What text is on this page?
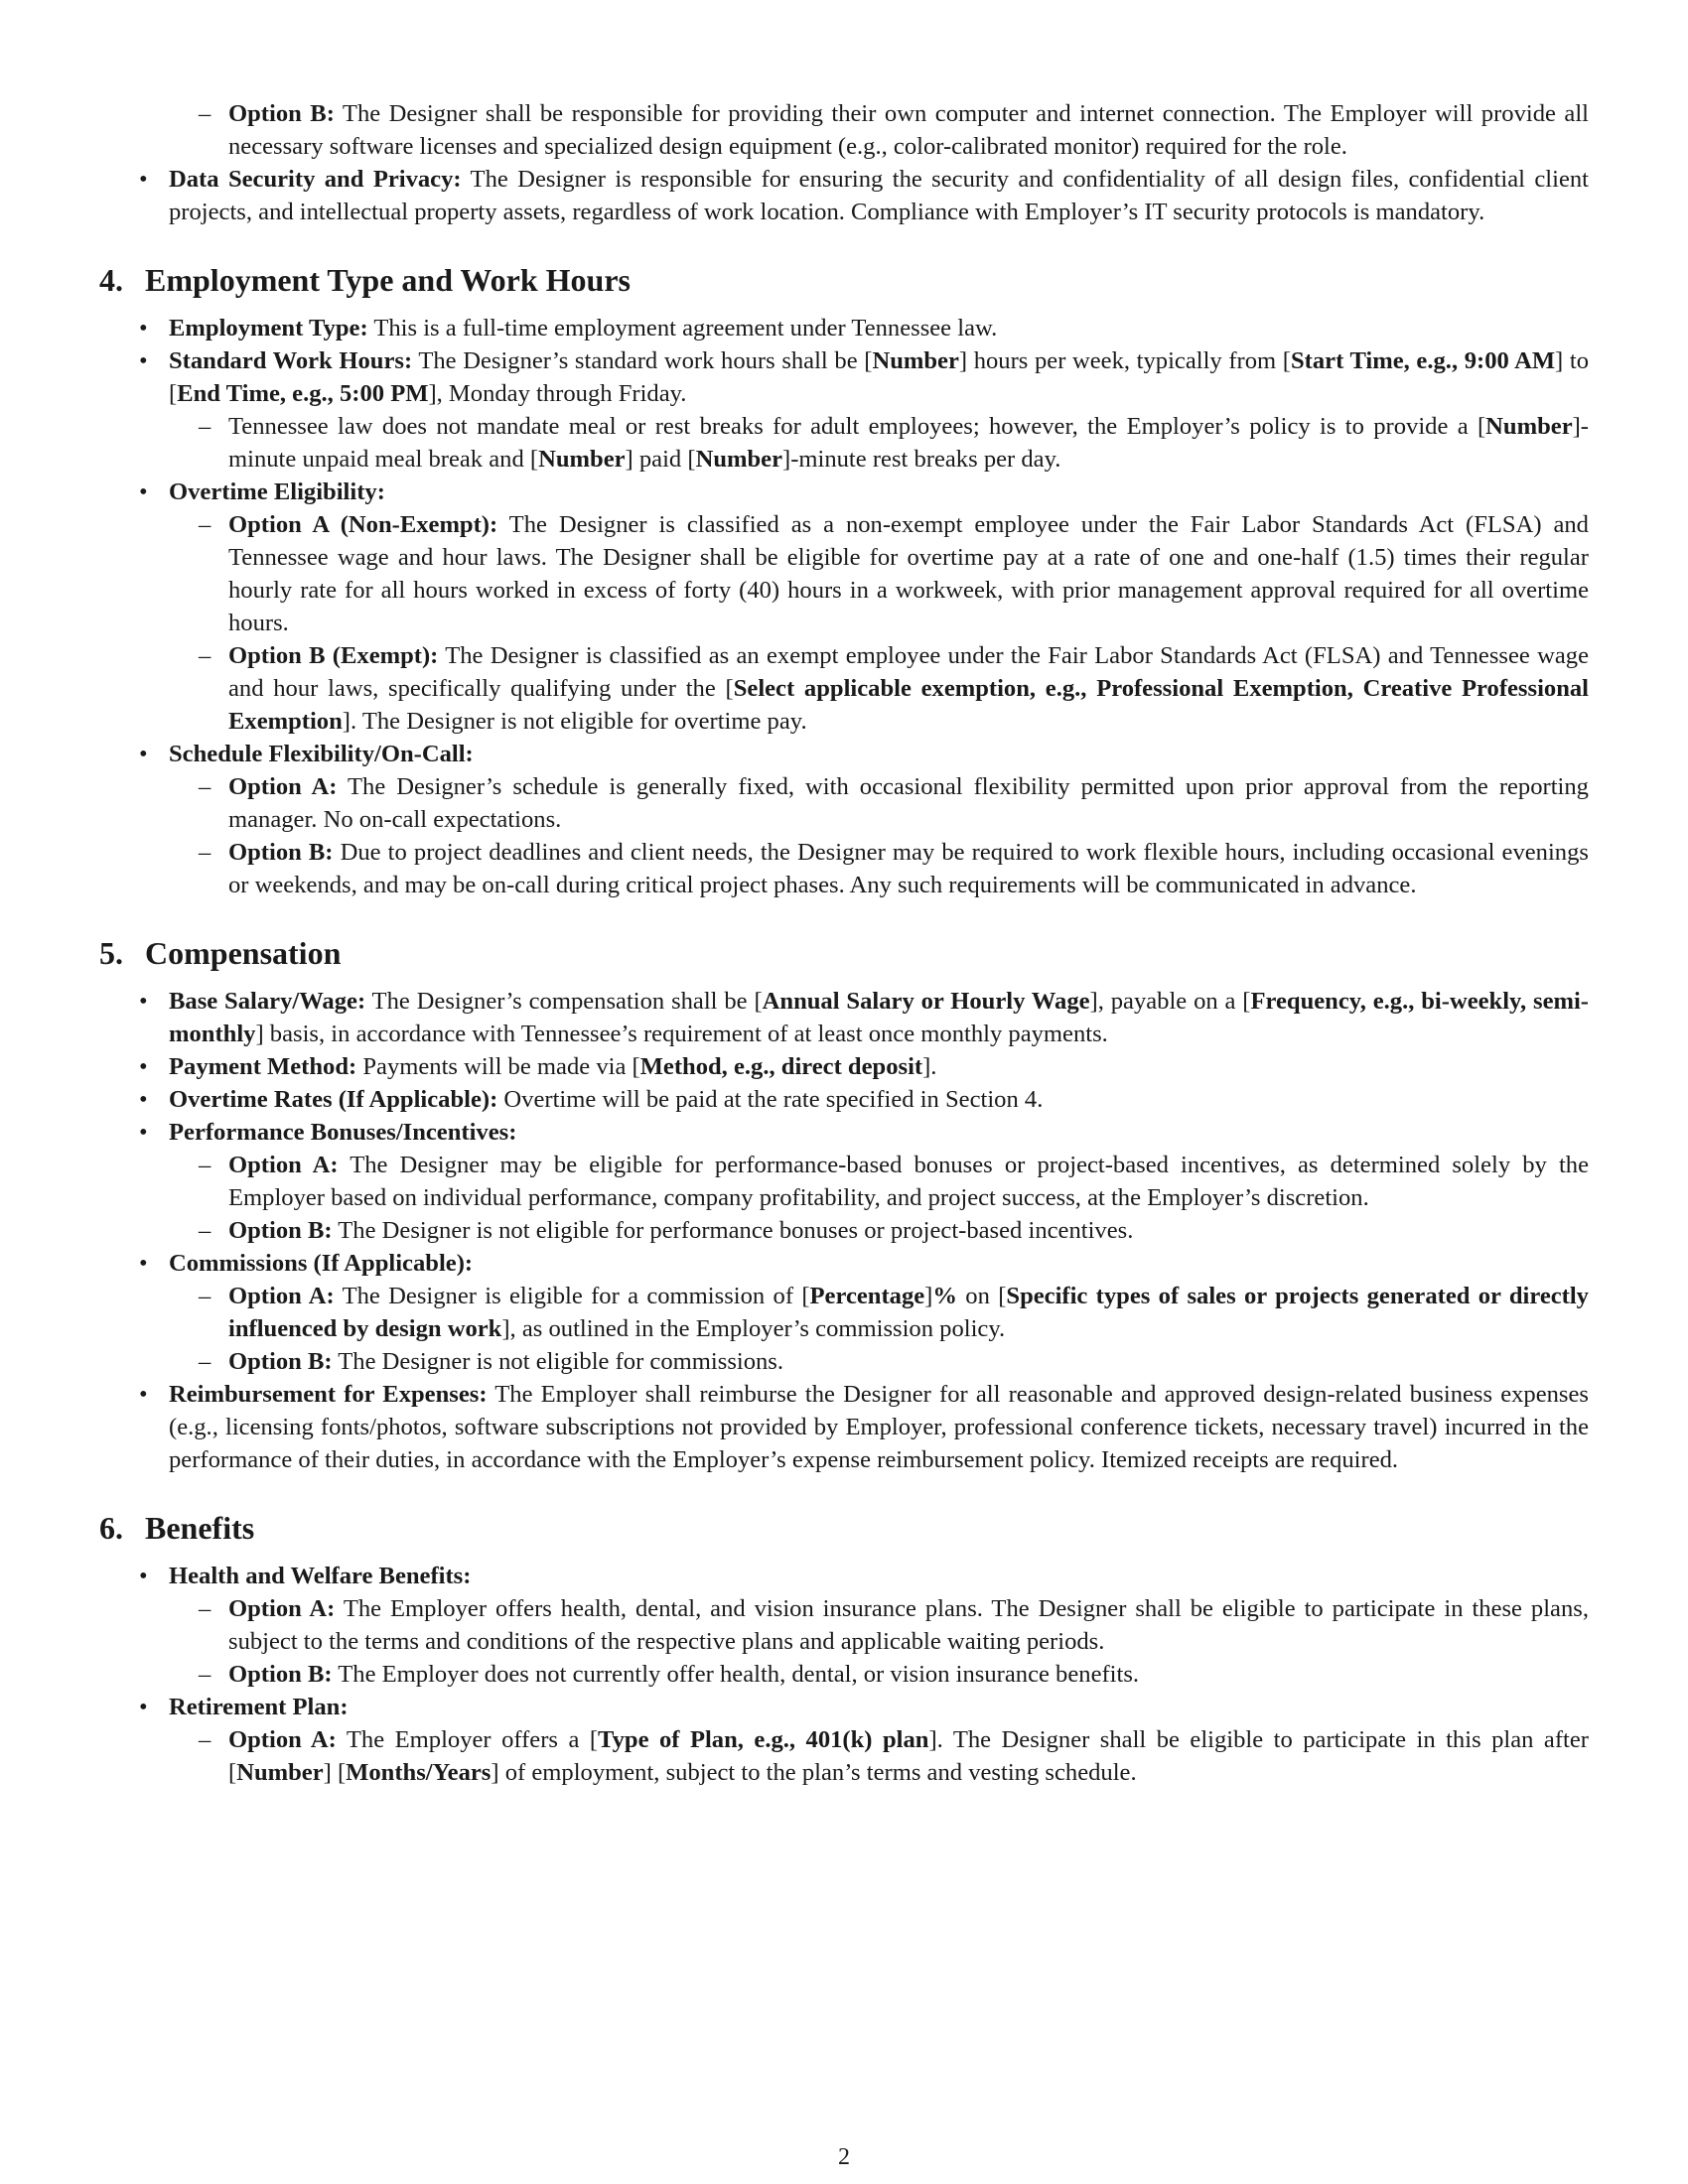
– Option B: The Designer shall be responsible for providing their own computer and internet connection. The Employer will provide all necessary software licenses and specialized design equipment (e.g., color-calibrated monitor) required for the role.
• Data Security and Privacy: The Designer is responsible for ensuring the security and confidentiality of all design files, confidential client projects, and intellectual property assets, regardless of work location. Compliance with Employer’s IT security protocols is mandatory.
4. Employment Type and Work Hours
• Employment Type: This is a full-time employment agreement under Tennessee law.
• Standard Work Hours: The Designer’s standard work hours shall be [Number] hours per week, typically from [Start Time, e.g., 9:00 AM] to [End Time, e.g., 5:00 PM], Monday through Friday.
– Tennessee law does not mandate meal or rest breaks for adult employees; however, the Employer’s policy is to provide a [Number]-minute unpaid meal break and [Number] paid [Number]-minute rest breaks per day.
• Overtime Eligibility:
– Option A (Non-Exempt): The Designer is classified as a non-exempt employee under the Fair Labor Standards Act (FLSA) and Tennessee wage and hour laws. The Designer shall be eligible for overtime pay at a rate of one and one-half (1.5) times their regular hourly rate for all hours worked in excess of forty (40) hours in a workweek, with prior management approval required for all overtime hours.
– Option B (Exempt): The Designer is classified as an exempt employee under the Fair Labor Standards Act (FLSA) and Tennessee wage and hour laws, specifically qualifying under the [Select applicable exemption, e.g., Professional Exemption, Creative Professional Exemption]. The Designer is not eligible for overtime pay.
• Schedule Flexibility/On-Call:
– Option A: The Designer’s schedule is generally fixed, with occasional flexibility permitted upon prior approval from the reporting manager. No on-call expectations.
– Option B: Due to project deadlines and client needs, the Designer may be required to work flexible hours, including occasional evenings or weekends, and may be on-call during critical project phases. Any such requirements will be communicated in advance.
5. Compensation
• Base Salary/Wage: The Designer’s compensation shall be [Annual Salary or Hourly Wage], payable on a [Frequency, e.g., bi-weekly, semi-monthly] basis, in accordance with Tennessee’s requirement of at least once monthly payments.
• Payment Method: Payments will be made via [Method, e.g., direct deposit].
• Overtime Rates (If Applicable): Overtime will be paid at the rate specified in Section 4.
• Performance Bonuses/Incentives:
– Option A: The Designer may be eligible for performance-based bonuses or project-based incentives, as determined solely by the Employer based on individual performance, company profitability, and project success, at the Employer’s discretion.
– Option B: The Designer is not eligible for performance bonuses or project-based incentives.
• Commissions (If Applicable):
– Option A: The Designer is eligible for a commission of [Percentage]% on [Specific types of sales or projects generated or directly influenced by design work], as outlined in the Employer’s commission policy.
– Option B: The Designer is not eligible for commissions.
• Reimbursement for Expenses: The Employer shall reimburse the Designer for all reasonable and approved design-related business expenses (e.g., licensing fonts/photos, software subscriptions not provided by Employer, professional conference tickets, necessary travel) incurred in the performance of their duties, in accordance with the Employer’s expense reimbursement policy. Itemized receipts are required.
6. Benefits
• Health and Welfare Benefits:
– Option A: The Employer offers health, dental, and vision insurance plans. The Designer shall be eligible to participate in these plans, subject to the terms and conditions of the respective plans and applicable waiting periods.
– Option B: The Employer does not currently offer health, dental, or vision insurance benefits.
• Retirement Plan:
– Option A: The Employer offers a [Type of Plan, e.g., 401(k) plan]. The Designer shall be eligible to participate in this plan after [Number] [Months/Years] of employment, subject to the plan’s terms and vesting schedule.
2
